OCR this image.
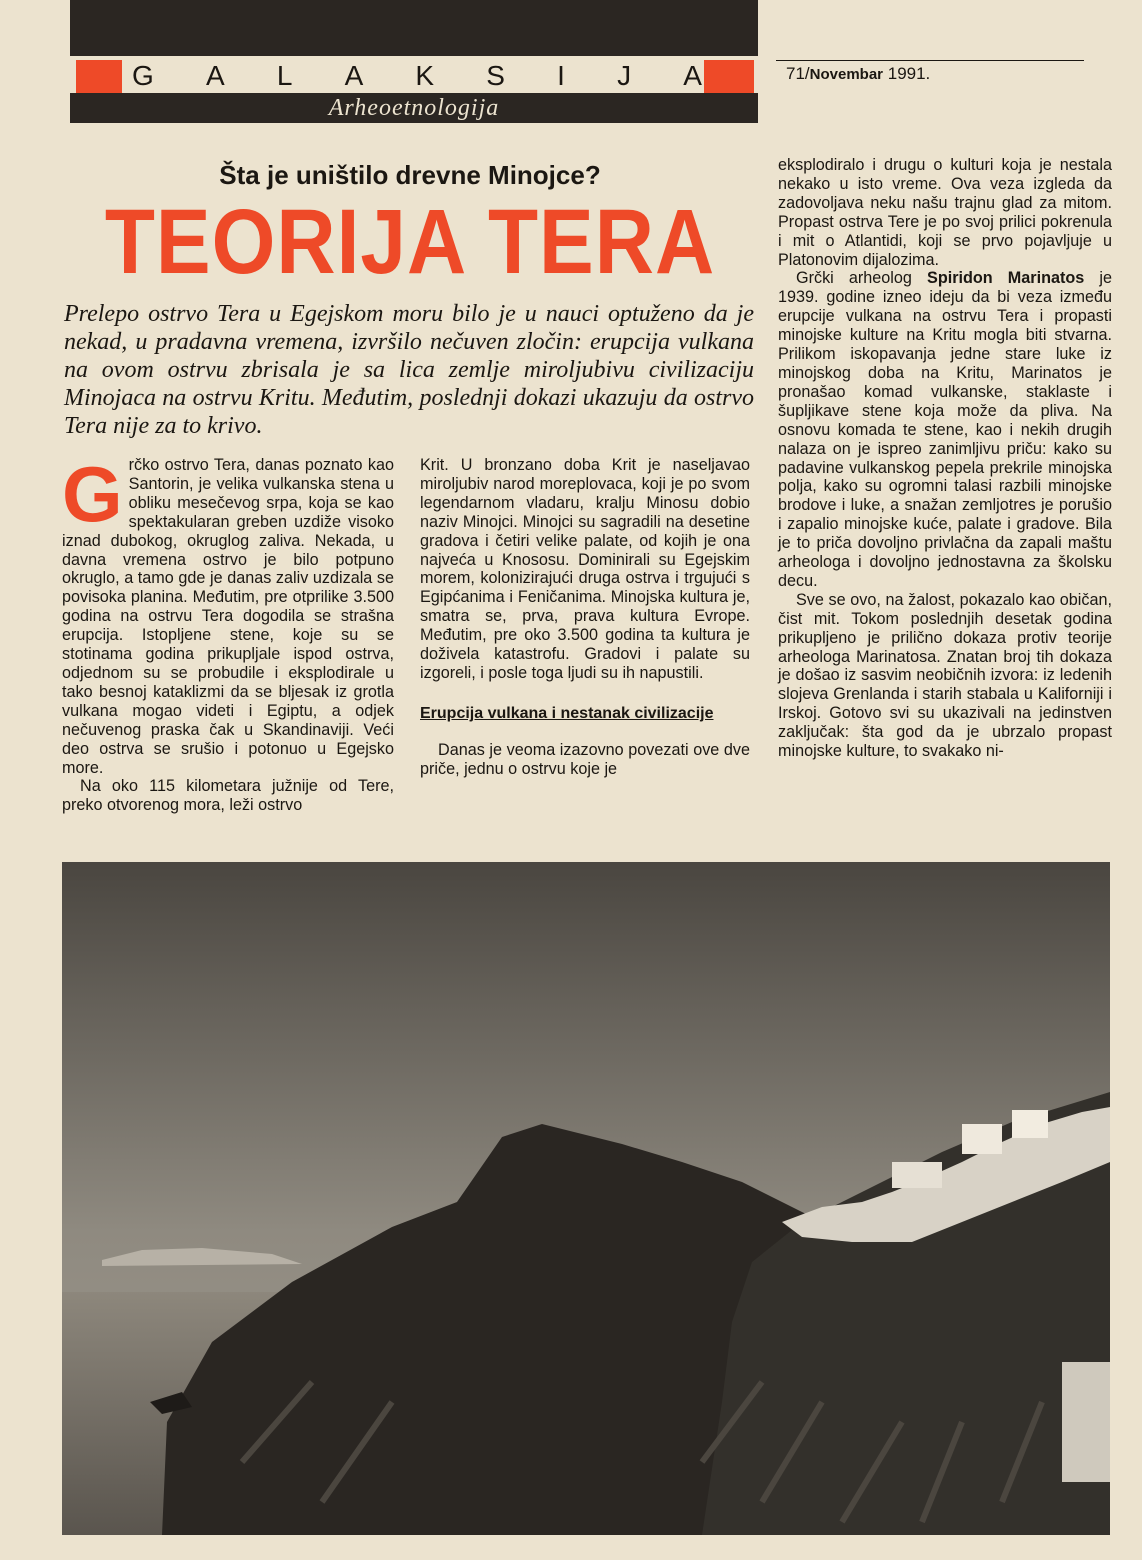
G A L A K S I J A	71/Novembar 1991.
Arheoetnologija
Šta je uništilo drevne Minojce?
TEORIJA TERA
Prelepo ostrvo Tera u Egejskom moru bilo je u nauci optuženo da je nekad, u pradavna vremena, izvršilo nečuven zločin: erupcija vulkana na ovom ostrvu zbrisala je sa lica zemlje miroljubivu civilizaciju Minojaca na ostrvu Kritu. Međutim, poslednji dokazi ukazuju da ostrvo Tera nije za to krivo.

Grčko ostrvo Tera, danas poznato kao Santorin, je velika vulkanska stena u obliku mesečevog srpa, koja se kao spektakularan greben uzdiže visoko iznad dubokog, okruglog zaliva. Nekada, u davna vremena ostrvo je bilo potpuno okruglo, a tamo gde je danas zaliv uzdizala se povisoka planina. Međutim, pre otprilike 3.500 godina na ostrvu Tera dogodila se strašna erupcija. Istopljene stene, koje su se stotinama godina prikupljale ispod ostrva, odjednom su se probudile i eksplodirale u tako besnoj kataklizmi da se bljesak iz grotla vulkana mogao videti i Egiptu, a odjek nečuvenog praska čak u Skandinaviji. Veći deo ostrva se srušio i potonuo u Egejsko more.

Na oko 115 kilometara južnije od Tere, preko otvorenog mora, leži ostrvo

Krit. U bronzano doba Krit je naseljavao miroljubiv narod moreplovaca, koji je po svom legendarnom vladaru, kralju Minosu dobio naziv Minojci. Minojci su sagradili na desetine gradova i četiri velike palate, od kojih je ona najveća u Knososu. Dominirali su Egejskim morem, kolonizirajući druga ostrva i trgujući s Egipćanima i Feničanima. Minojska kultura je, smatra se, prva, prava kultura Evrope. Međutim, pre oko 3.500 godina ta kultura je doživela katastrofu. Gradovi i palate su izgoreli, i posle toga ljudi su ih napustili.

Erupcija vulkana i nestanak civilizacije

Danas je veoma izazovno povezati ove dve priče, jednu o ostrvu koje je

eksplodiralo i drugu o kulturi koja je nestala nekako u isto vreme. Ova veza izgleda da zadovoljava neku našu trajnu glad za mitom. Propast ostrva Tere je po svoj prilici pokrenula i mit o Atlantidi, koji se prvo pojavljuje u Platonovim dijalozima.

Grčki arheolog Spiridon Marinatos je 1939. godine izneo ideju da bi veza između erupcije vulkana na ostrvu Tera i propasti minojske kulture na Kritu mogla biti stvarna. Prilikom iskopavanja jedne stare luke iz minojskog doba na Kritu, Marinatos je pronašao komad vulkanske, staklaste i šupljikave stene koja može da pliva. Na osnovu komada te stene, kao i nekih drugih nalaza on je ispreo zanimljivu priču: kako su padavine vulkanskog pepela prekrile minojska polja, kako su ogromni talasi razbili minojske brodove i luke, a snažan zemljotres je porušio i zapalio minojske kuće, palate i gradove. Bila je to priča dovoljno privlačna da zapali maštu arheologa i dovoljno jednostavna za školsku decu.

Sve se ovo, na žalost, pokazalo kao običan, čist mit. Tokom poslednjih desetak godina prikupljeno je prilično dokaza protiv teorije arheologa Marinatosa. Znatan broj tih dokaza je došao iz sasvim neobičnih izvora: iz ledenih slojeva Grenlanda i starih stabala u Kaliforniji i Irskoj. Gotovo svi su ukazivali na jedinstven zaključak: šta god da je ubrzalo propast minojske kulture, to svakako ni-
